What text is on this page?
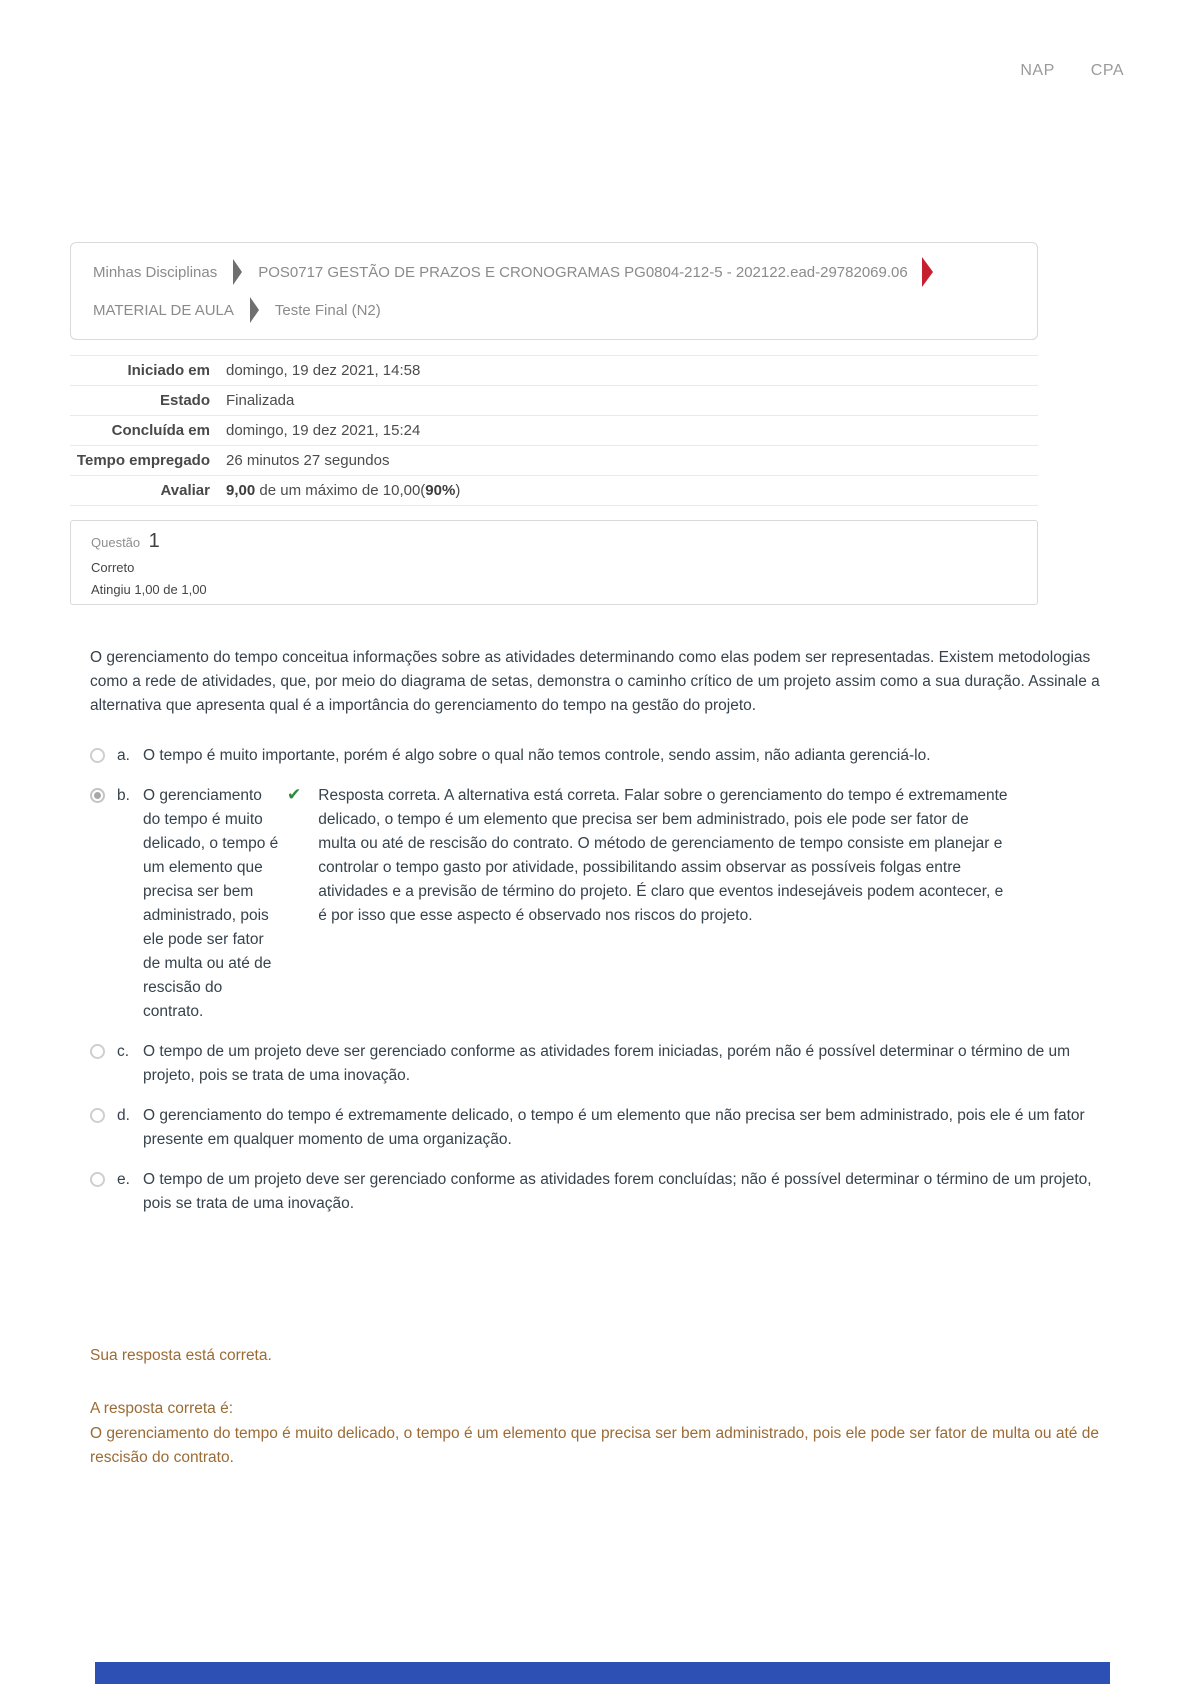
NAP CPA
Minhas Disciplinas	POS0717 GESTÃO DE PRAZOS E CRONOGRAMAS PG0804-212-5 - 202122.ead-29782069.06
MATERIAL DE AULA	Teste Final (N2)
Iniciado em	domingo, 19 dez 2021, 14:58
Estado	Finalizada
Concluída em	domingo, 19 dez 2021, 15:24
Tempo empregado	26 minutos 27 segundos
Avaliar	9,00 de um máximo de 10,00(90%)
Questão 1
Correto
Atingiu 1,00 de 1,00
O gerenciamento do tempo conceitua informações sobre as atividades determinando como elas podem ser representadas. Existem metodologias como a rede de atividades, que, por meio do diagrama de setas, demonstra o caminho crítico de um projeto assim como a sua duração. Assinale a alternativa que apresenta qual é a importância do gerenciamento do tempo na gestão do projeto.
a. O tempo é muito importante, porém é algo sobre o qual não temos controle, sendo assim, não adianta gerenciá-lo.
b. O gerenciamento do tempo é muito delicado, o tempo é um elemento que precisa ser bem administrado, pois ele pode ser fator de multa ou até de rescisão do contrato.
✔ Resposta correta. A alternativa está correta. Falar sobre o gerenciamento do tempo é extremamente delicado, o tempo é um elemento que precisa ser bem administrado, pois ele pode ser fator de multa ou até de rescisão do contrato. O método de gerenciamento de tempo consiste em planejar e controlar o tempo gasto por atividade, possibilitando assim observar as possíveis folgas entre atividades e a previsão de término do projeto. É claro que eventos indesejáveis podem acontecer, e é por isso que esse aspecto é observado nos riscos do projeto.
c. O tempo de um projeto deve ser gerenciado conforme as atividades forem iniciadas, porém não é possível determinar o término de um projeto, pois se trata de uma inovação.
d. O gerenciamento do tempo é extremamente delicado, o tempo é um elemento que não precisa ser bem administrado, pois ele é um fator presente em qualquer momento de uma organização.
e. O tempo de um projeto deve ser gerenciado conforme as atividades forem concluídas; não é possível determinar o término de um projeto, pois se trata de uma inovação.
Sua resposta está correta.
A resposta correta é:
O gerenciamento do tempo é muito delicado, o tempo é um elemento que precisa ser bem administrado, pois ele pode ser fator de multa ou até de rescisão do contrato.
